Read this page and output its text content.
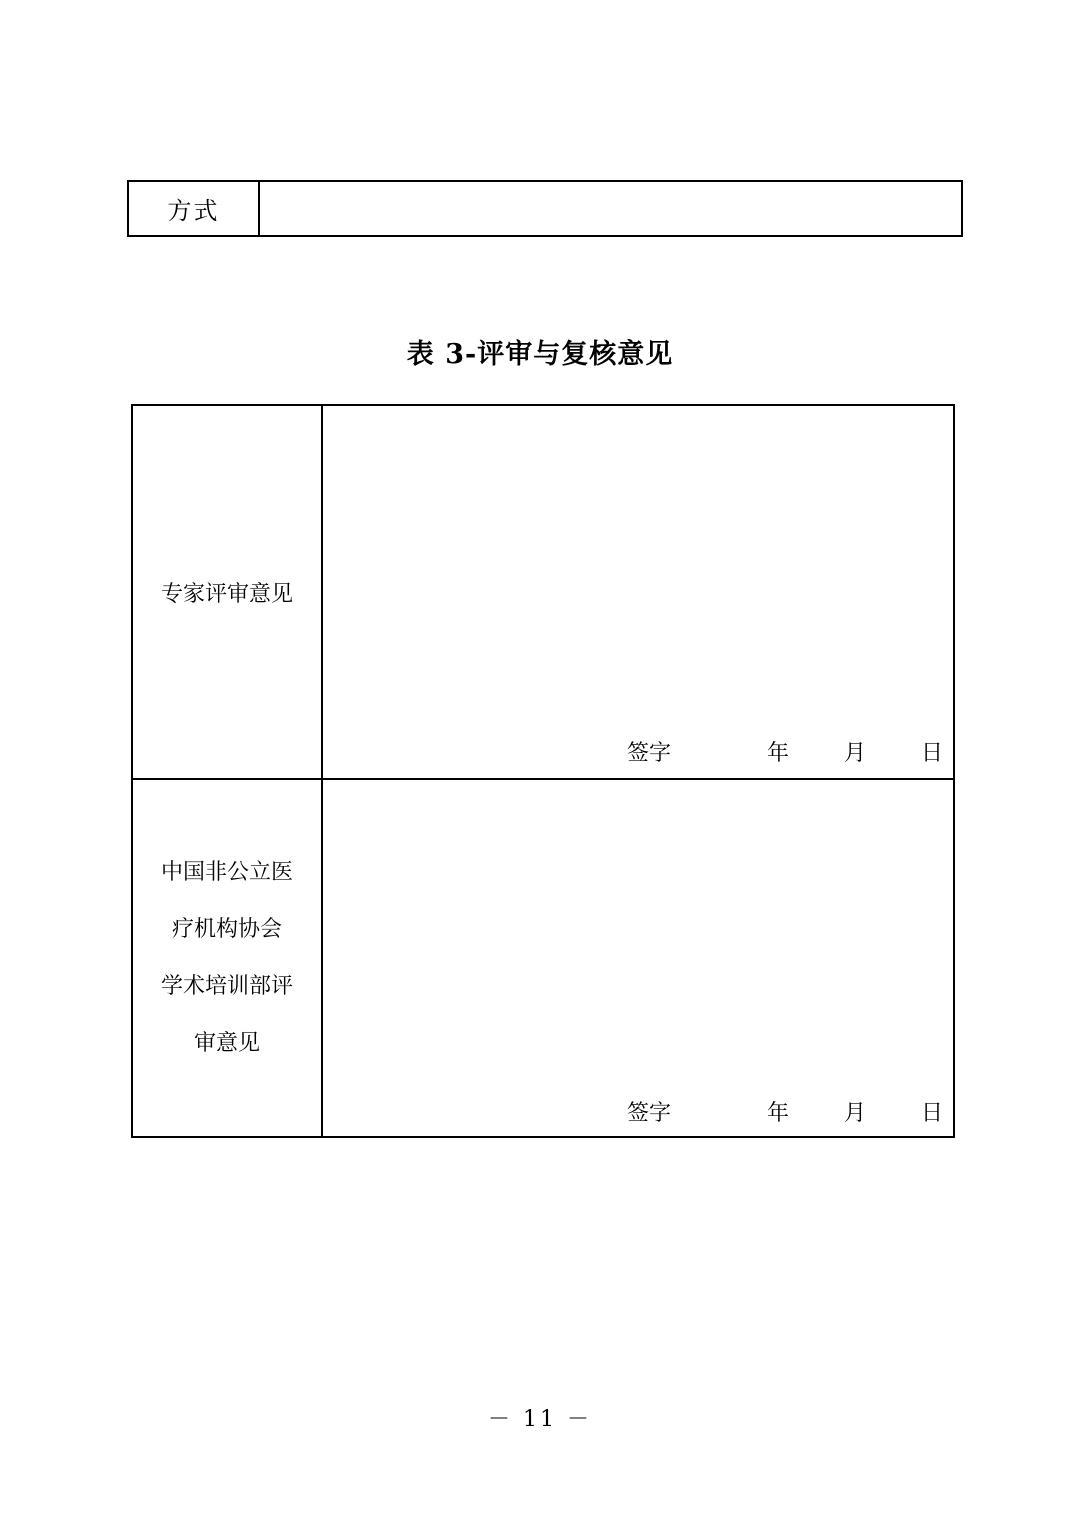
方式
表 3-评审与复核意见
专家评审意见
签字	年 月 日
中国非公立医
疗机构协会
学术培训部评
审意见
签字	年 月 日
－ 11 －
